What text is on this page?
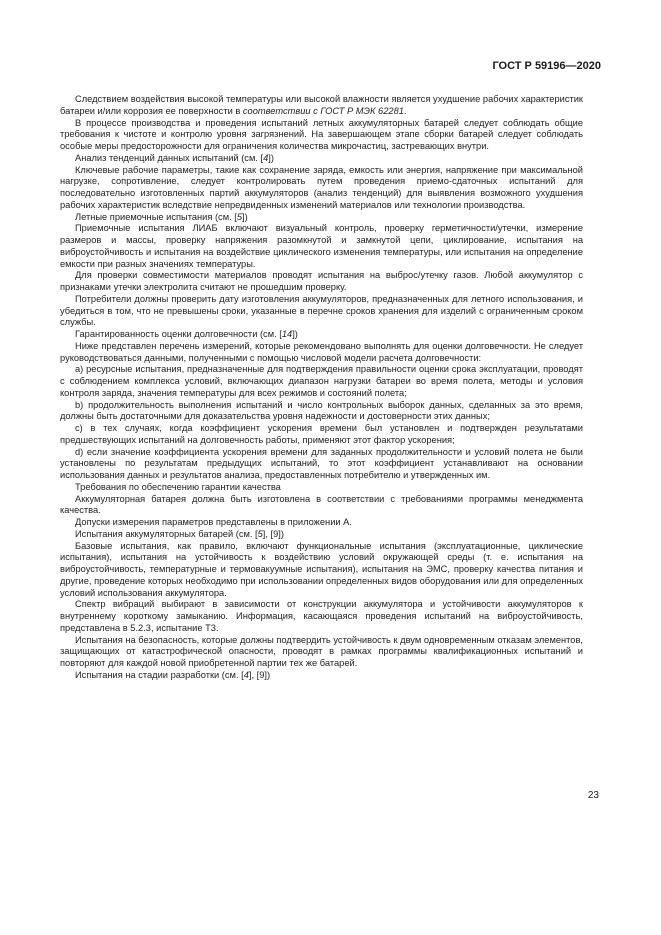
ГОСТ Р 59196—2020

Следствием воздействия высокой температуры или высокой влажности является ухудшение рабочих характеристик батареи и/или коррозия ее поверхности в соответствии с ГОСТ Р МЭК 62281.

В процессе производства и проведения испытаний летных аккумуляторных батарей следует соблюдать общие требования к чистоте и контролю уровня загрязнений. На завершающем этапе сборки батарей следует соблюдать особые меры предосторожности для ограничения количества микрочастиц, застревающих внутри.

Анализ тенденций данных испытаний (см. [4])

Ключевые рабочие параметры, такие как сохранение заряда, емкость или энергия, напряжение при максимальной нагрузке, сопротивление, следует контролировать путем проведения приемо-сдаточных испытаний для последовательно изготовленных партий аккумуляторов (анализ тенденций) для выявления возможного ухудшения рабочих характеристик вследствие непредвиденных изменений материалов или технологии производства.

Летные приемочные испытания (см. [5])

Приемочные испытания ЛИАБ включают визуальный контроль, проверку герметичности/утечки, измерение размеров и массы, проверку напряжения разомкнутой и замкнутой цепи, циклирование, испытания на виброустойчивость и испытания на воздействие циклического изменения температуры, или испытания на определение емкости при разных значениях температуры.

Для проверки совместимости материалов проводят испытания на выброс/утечку газов. Любой аккумулятор с признаками утечки электролита считают не прошедшим проверку.

Потребители должны проверить дату изготовления аккумуляторов, предназначенных для летного использования, и убедиться в том, что не превышены сроки, указанные в перечне сроков хранения для изделий с ограниченным сроком службы.

Гарантированность оценки долговечности (см. [14])

Ниже представлен перечень измерений, которые рекомендовано выполнять для оценки долговечности. Не следует руководствоваться данными, полученными с помощью числовой модели расчета долговечности:

а) ресурсные испытания, предназначенные для подтверждения правильности оценки срока эксплуатации, проводят с соблюдением комплекса условий, включающих диапазон нагрузки батареи во время полета, методы и условия контроля заряда, значения температуры для всех режимов и состояний полета;

b) продолжительность выполнения испытаний и число контрольных выборок данных, сделанных за это время, должны быть достаточными для доказательства уровня надежности и достоверности этих данных;

с) в тех случаях, когда коэффициент ускорения времени был установлен и подтвержден результатами предшествующих испытаний на долговечность работы, применяют этот фактор ускорения;

d) если значение коэффициента ускорения времени для заданных продолжительности и условий полета не были установлены по результатам предыдущих испытаний, то этот коэффициент устанавливают на основании использования данных и результатов анализа, предоставленных потребителю и утвержденных им.

Требования по обеспечению гарантии качества

Аккумуляторная батарея должна быть изготовлена в соответствии с требованиями программы менеджмента качества.

Допуски измерения параметров представлены в приложении А.

Испытания аккумуляторных батарей (см. [5], [9])

Базовые испытания, как правило, включают функциональные испытания (эксплуатационные, циклические испытания), испытания на устойчивость к воздействию условий окружающей среды (т. е. испытания на виброустойчивость, температурные и термовакуумные испытания), испытания на ЭМС, проверку качества питания и другие, проведение которых необходимо при использовании определенных видов оборудования или для определенных условий использования аккумулятора.

Спектр вибраций выбирают в зависимости от конструкции аккумулятора и устойчивости аккумуляторов к внутреннему короткому замыканию. Информация, касающаяся проведения испытаний на виброустойчивость, представлена в 5.2.3, испытание Т3.

Испытания на безопасность, которые должны подтвердить устойчивость к двум одновременным отказам элементов, защищающих от катастрофической опасности, проводят в рамках программы квалификационных испытаний и повторяют для каждой новой приобретенной партии тех же батарей.

Испытания на стадии разработки (см. [4], [9])

23
